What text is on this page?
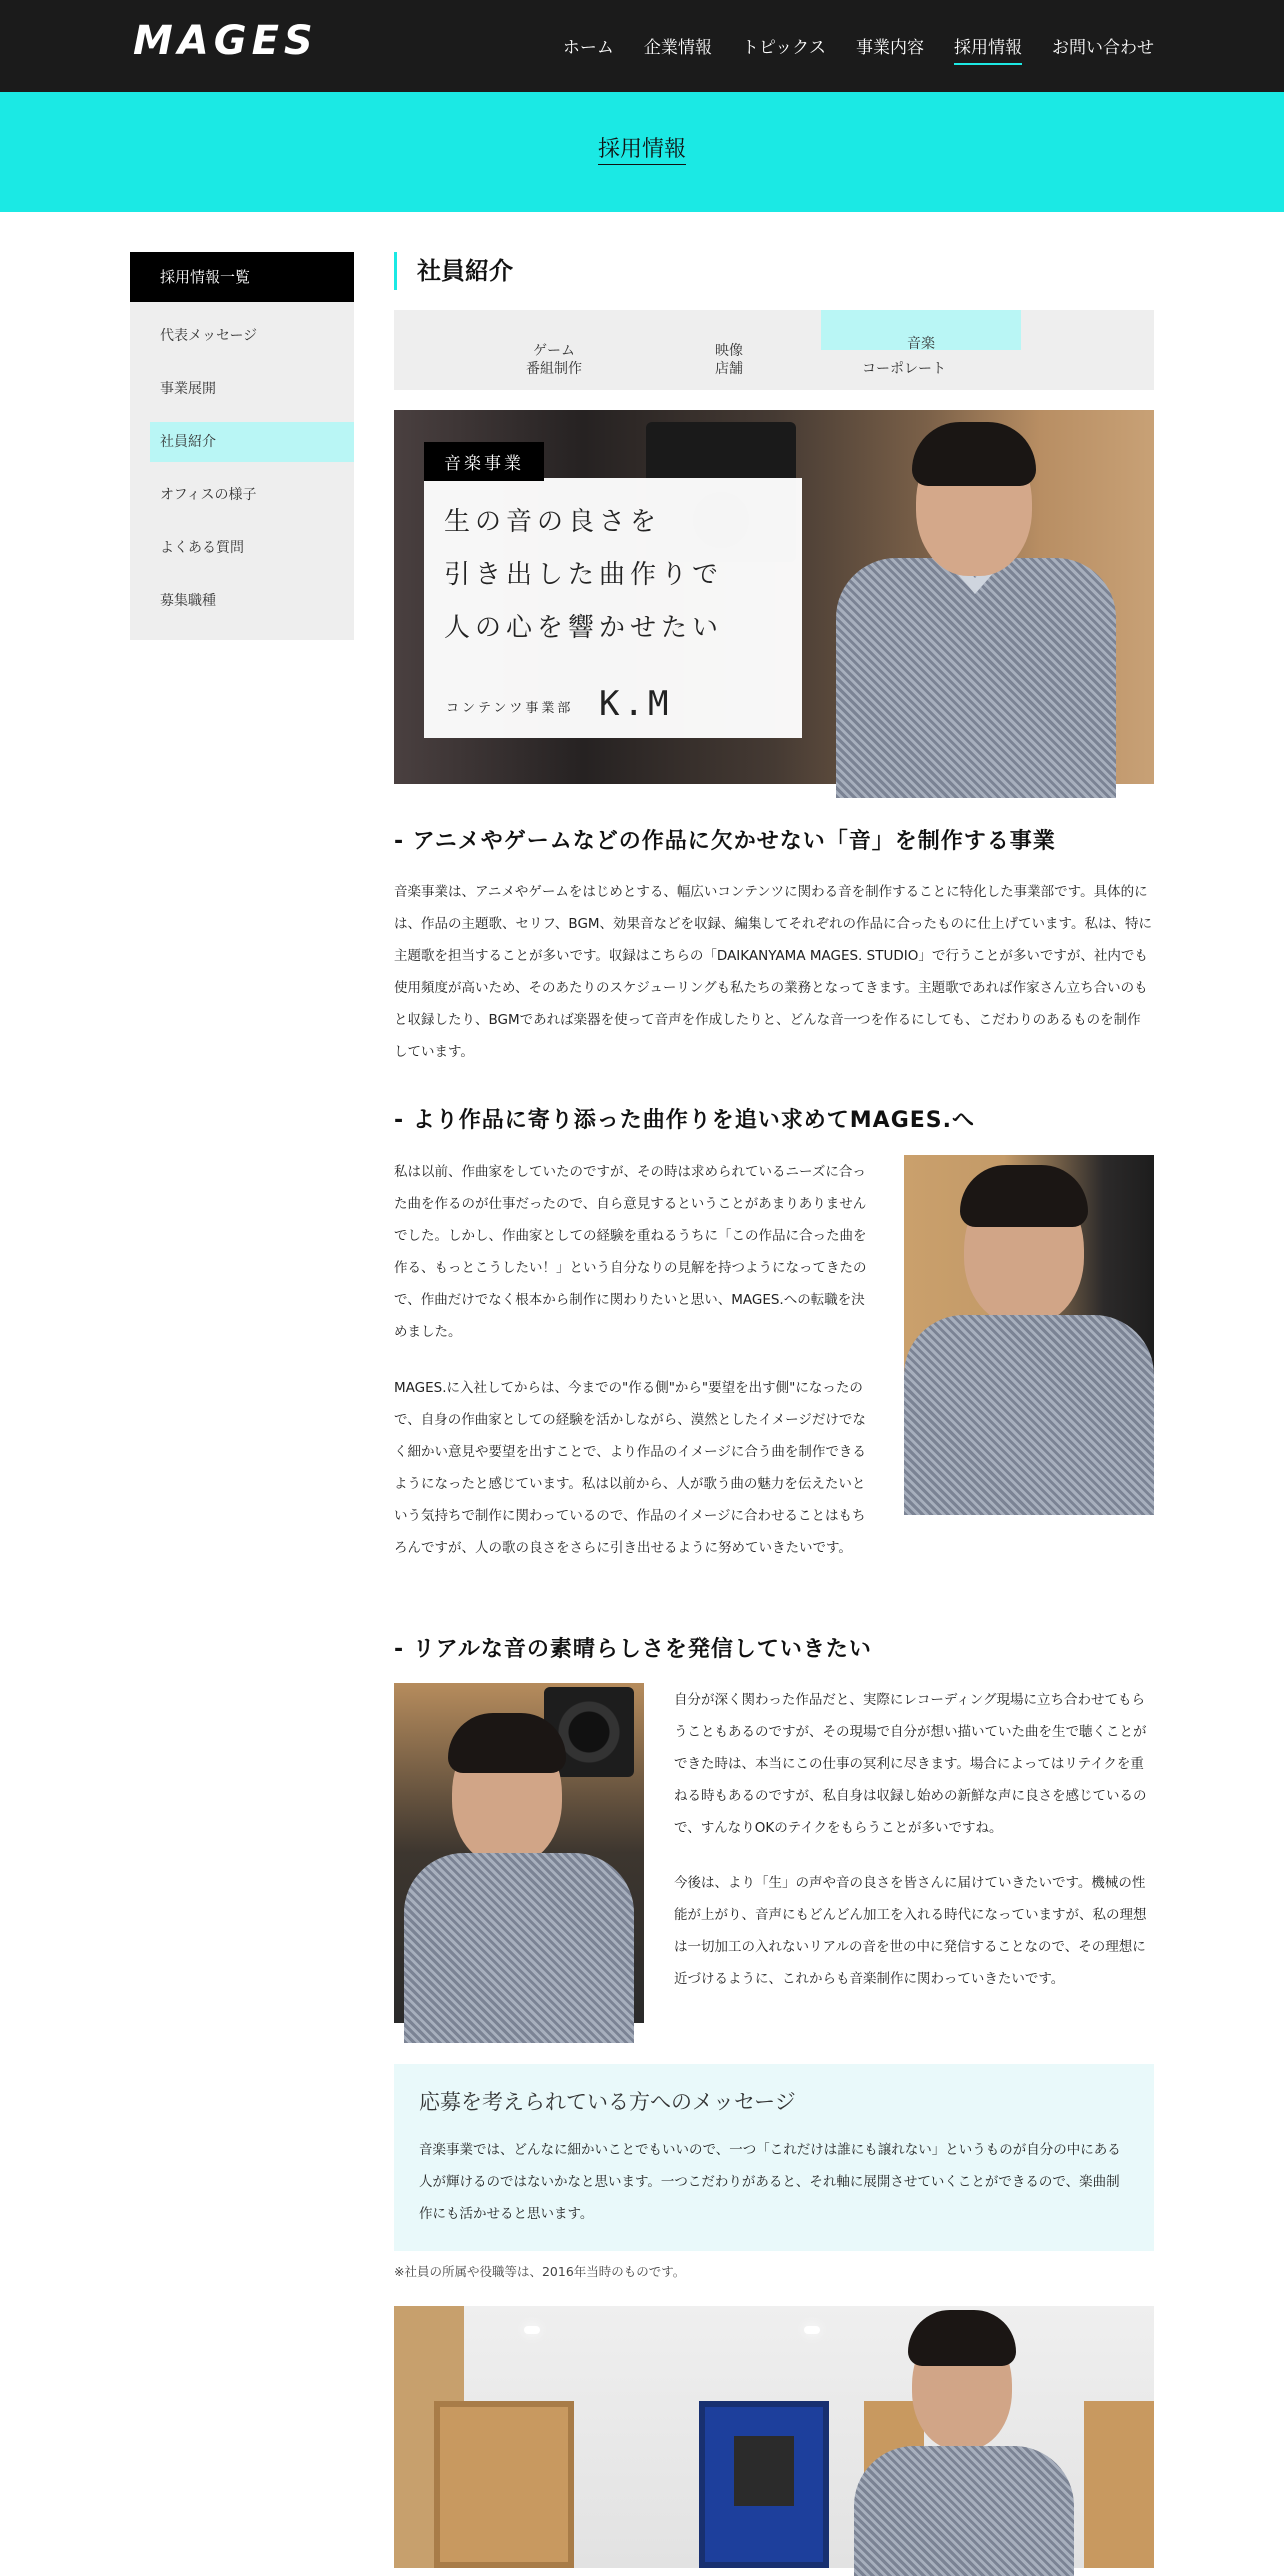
MAGES	ホーム 企業情報 トピックス 事業内容 採用情報 お問い合わせ
採用情報
採用情報一覧
代表メッセージ
事業展開
社員紹介
オフィスの様子
よくある質問
募集職種
社員紹介
ゲーム	映像	音楽
番組制作	店舗	コーポレート
生の音の良さを
引き出した曲作りで
人の心を響かせたい
コンテンツ事業部 K.M
音楽事業
- アニメやゲームなどの作品に欠かせない「音」を制作する事業

音楽事業は、アニメやゲームをはじめとする、幅広いコンテンツに関わる音を制作することに特化した事業部です。具体的には、作品の主題歌、セリフ、BGM、効果音などを収録、編集してそれぞれの作品に合ったものに仕上げています。私は、特に主題歌を担当することが多いです。収録はこちらの「DAIKANYAMA MAGES. STUDIO」で行うことが多いですが、社内でも使用頻度が高いため、そのあたりのスケジューリングも私たちの業務となってきます。主題歌であれば作家さん立ち合いのもと収録したり、BGMであれば楽器を使って音声を作成したりと、どんな音一つを作るにしても、こだわりのあるものを制作しています。

- より作品に寄り添った曲作りを追い求めてMAGES.へ

私は以前、作曲家をしていたのですが、その時は求められているニーズに合った曲を作るのが仕事だったので、自ら意見するということがあまりありませんでした。しかし、作曲家としての経験を重ねるうちに「この作品に合った曲を作る、もっとこうしたい！」という自分なりの見解を持つようになってきたので、作曲だけでなく根本から制作に関わりたいと思い、MAGES.への転職を決めました。

MAGES.に入社してからは、今までの"作る側"から"要望を出す側"になったので、自身の作曲家としての経験を活かしながら、漠然としたイメージだけでなく細かい意見や要望を出すことで、より作品のイメージに合う曲を制作できるようになったと感じています。私は以前から、人が歌う曲の魅力を伝えたいという気持ちで制作に関わっているので、作品のイメージに合わせることはもちろんですが、人の歌の良さをさらに引き出せるように努めていきたいです。

- リアルな音の素晴らしさを発信していきたい

自分が深く関わった作品だと、実際にレコーディング現場に立ち合わせてもらうこともあるのですが、その現場で自分が想い描いていた曲を生で聴くことができた時は、本当にこの仕事の冥利に尽きます。場合によってはリテイクを重ねる時もあるのですが、私自身は収録し始めの新鮮な声に良さを感じているので、すんなりOKのテイクをもらうことが多いですね。

今後は、より「生」の声や音の良さを皆さんに届けていきたいです。機械の性能が上がり、音声にもどんどん加工を入れる時代になっていますが、私の理想は一切加工の入れないリアルの音を世の中に発信することなので、その理想に近づけるように、これからも音楽制作に関わっていきたいです。

応募を考えられている方へのメッセージ

音楽事業では、どんなに細かいことでもいいので、一つ「これだけは誰にも譲れない」というものが自分の中にある人が輝けるのではないかなと思います。一つこだわりがあると、それ軸に展開させていくことができるので、楽曲制作にも活かせると思います。

※社員の所属や役職等は、2016年当時のものです。
